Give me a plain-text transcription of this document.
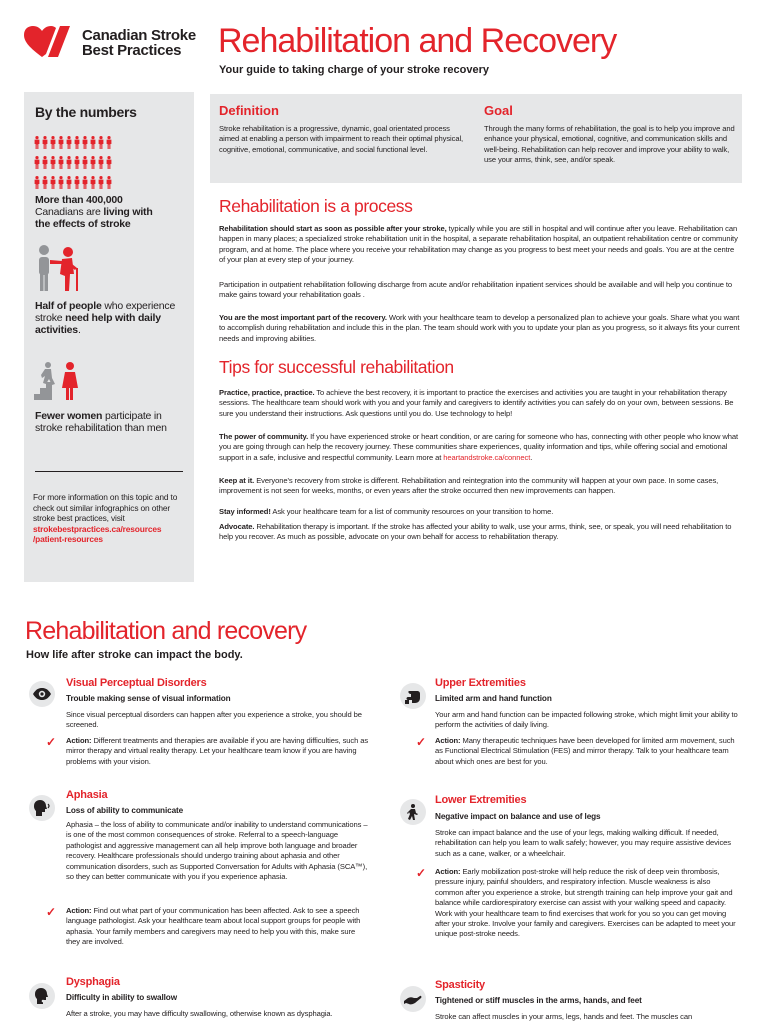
Canadian Stroke
Best Practices	Rehabilitation and Recovery
Your guide to taking charge of your stroke recovery
By the numbers
More than 400,000
Canadians are living with
the effects of stroke
Half of people who experience stroke need help with daily activities.
Fewer women participate in stroke rehabilitation than men
For more information on this topic and to check out similar infographics on other stroke best practices, visit
strokebestpractices.ca/resources
/patient-resources
Definition
Stroke rehabilitation is a progressive, dynamic, goal orientated process aimed at enabling a person with impairment to reach their optimal physical, cognitive, emotional, communicative, and social functional level.
Goal
Through the many forms of rehabilitation, the goal is to help you improve and enhance your physical, emotional, cognitive, and communication skills and well-being. Rehabilitation can help recover and improve your ability to walk, use your arms, think, see, and/or speak.
Rehabilitation is a process
Rehabilitation should start as soon as possible after your stroke, typically while you are still in hospital and will continue after you leave. Rehabilitation can happen in many places; a specialized stroke rehabilitation unit in the hospital, a separate rehabilitation hospital, an outpatient rehabilitation centre or community program, and at home. The place where you receive your rehabilitation may change as you progress to best meet your needs and goals. You are at the centre of your plan at every step of your journey.
Participation in outpatient rehabilitation following discharge from acute and/or rehabilitation inpatient services should be available and will help you continue to make gains toward your rehabilitation goals .
You are the most important part of the recovery. Work with your healthcare team to develop a personalized plan to achieve your goals. Share what you want to accomplish during rehabilitation and include this in the plan. The team should work with you to update your plan as you progress, so it always fits your current needs and improving abilities.
Tips for successful rehabilitation
Practice, practice, practice. To achieve the best recovery, it is important to practice the exercises and activities you are taught in your rehabilitation therapy sessions. The healthcare team should work with you and your family and caregivers to identify activities you can safely do on your own, between sessions. Be sure you understand their instructions. Ask questions until you do. Use technology to help!
The power of community. If you have experienced stroke or heart condition, or are caring for someone who has, connecting with other people who know what you are going through can help the recovery journey. These communities share experiences, quality information and tips, while offering social and emotional support in a safe, inclusive and respectful community. Learn more at heartandstroke.ca/connect.
Keep at it. Everyone's recovery from stroke is different. Rehabilitation and reintegration into the community will happen at your own pace. In some cases, improvement is not seen for weeks, months, or even years after the stroke occurred then new improvements can happen.
Stay informed! Ask your healthcare team for a list of community resources on your transition to home.
Advocate. Rehabilitation therapy is important. If the stroke has affected your ability to walk, use your arms, think, see, or speak, you will need rehabilitation to help you recover. As much as possible, advocate on your own behalf for access to rehabilitation therapy.
Rehabilitation and recovery
How life after stroke can impact the body.
Visual Perceptual Disorders
Trouble making sense of visual information
Since visual perceptual disorders can happen after you experience a stroke, you should be screened.
✓ Action: Different treatments and therapies are available if you are having difficulties, such as mirror therapy and virtual reality therapy. Let your healthcare team know if you are having problems with your vision.
Aphasia
Loss of ability to communicate
Aphasia – the loss of ability to communicate and/or inability to understand communications – is one of the most common consequences of stroke. Referral to a speech-language pathologist and aggressive management can all help improve both language and broader recovery. Healthcare professionals should undergo training about aphasia and other communication disorders, such as Supported Conversation for Adults with Aphasia (SCA™), so they can better communicate with you if you experience aphasia.
✓ Action: Find out what part of your communication has been affected. Ask to see a speech language pathologist. Ask your healthcare team about local support groups for people with aphasia. Your family members and caregivers may need to help you with this, make sure they are involved.
Dysphagia
Difficulty in ability to swallow
After a stroke, you may have difficulty swallowing, otherwise known as dysphagia.
Upper Extremities
Limited arm and hand function
Your arm and hand function can be impacted following stroke, which might limit your ability to perform the activities of daily living.
✓ Action: Many therapeutic techniques have been developed for limited arm movement, such as Functional Electrical Stimulation (FES) and mirror therapy. Talk to your healthcare team about which ones are best for you.
Lower Extremities
Negative impact on balance and use of legs
Stroke can impact balance and the use of your legs, making walking difficult. If needed, rehabilitation can help you learn to walk safely; however, you may require assistive devices such as a cane, walker, or a wheelchair.
✓ Action: Early mobilization post-stroke will help reduce the risk of deep vein thrombosis, pressure injury, painful shoulders, and respiratory infection. Muscle weakness is also common after you experience a stroke, but strength training can help improve your gait and balance while cardiorespiratory exercise can assist with your walking speed and capacity. Work with your healthcare team to find exercises that work for you so you can get moving after your stroke. Involve your family and caregivers. Exercises can be adapted to meet your unique post-stroke needs.
Spasticity
Tightened or stiff muscles in the arms, hands, and feet
Stroke can affect muscles in your arms, legs, hands and feet. The muscles can
